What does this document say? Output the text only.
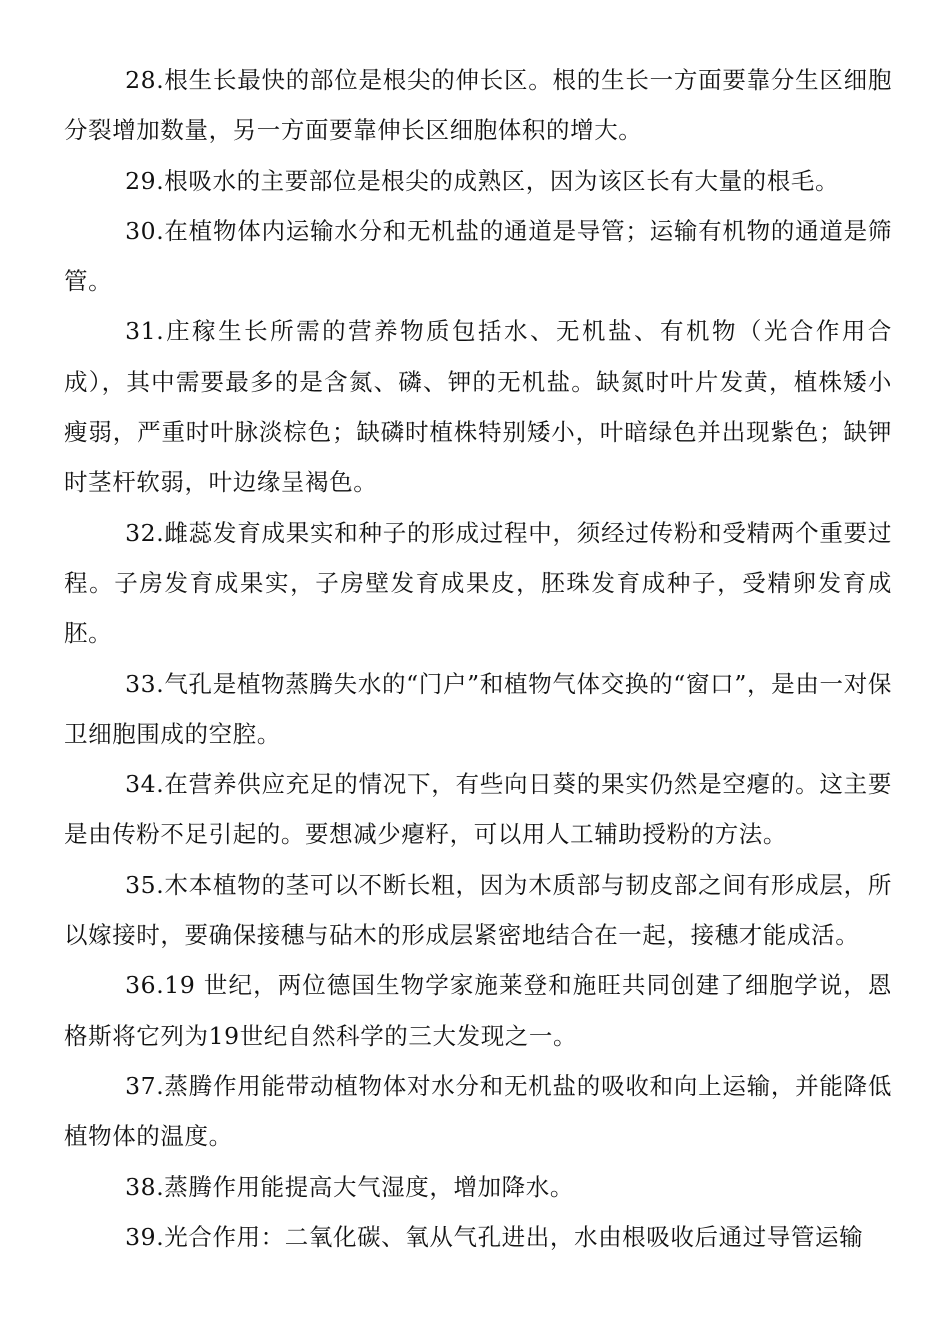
28.根生长最快的部位是根尖的伸长区。根的生长一方面要靠分生区细胞分裂增加数量，另一方面要靠伸长区细胞体积的增大。

29.根吸水的主要部位是根尖的成熟区，因为该区长有大量的根毛。

30.在植物体内运输水分和无机盐的通道是导管；运输有机物的通道是筛管。

31.庄稼生长所需的营养物质包括水、无机盐、有机物（光合作用合成），其中需要最多的是含氮、磷、钾的无机盐。缺氮时叶片发黄，植株矮小瘦弱，严重时叶脉淡棕色；缺磷时植株特别矮小，叶暗绿色并出现紫色；缺钾时茎杆软弱，叶边缘呈褐色。

32.雌蕊发育成果实和种子的形成过程中，须经过传粉和受精两个重要过程。子房发育成果实，子房壁发育成果皮，胚珠发育成种子，受精卵发育成胚。

33.气孔是植物蒸腾失水的“门户”和植物气体交换的“窗口”，是由一对保卫细胞围成的空腔。

34.在营养供应充足的情况下，有些向日葵的果实仍然是空瘪的。这主要是由传粉不足引起的。要想减少瘪籽，可以用人工辅助授粉的方法。

35.木本植物的茎可以不断长粗，因为木质部与韧皮部之间有形成层，所以嫁接时，要确保接穗与砧木的形成层紧密地结合在一起，接穗才能成活。

36.19 世纪，两位德国生物学家施莱登和施旺共同创建了细胞学说，恩格斯将它列为19世纪自然科学的三大发现之一。

37.蒸腾作用能带动植物体对水分和无机盐的吸收和向上运输，并能降低植物体的温度。

38.蒸腾作用能提高大气湿度，增加降水。

39.光合作用：二氧化碳、氧从气孔进出，水由根吸收后通过导管运输
